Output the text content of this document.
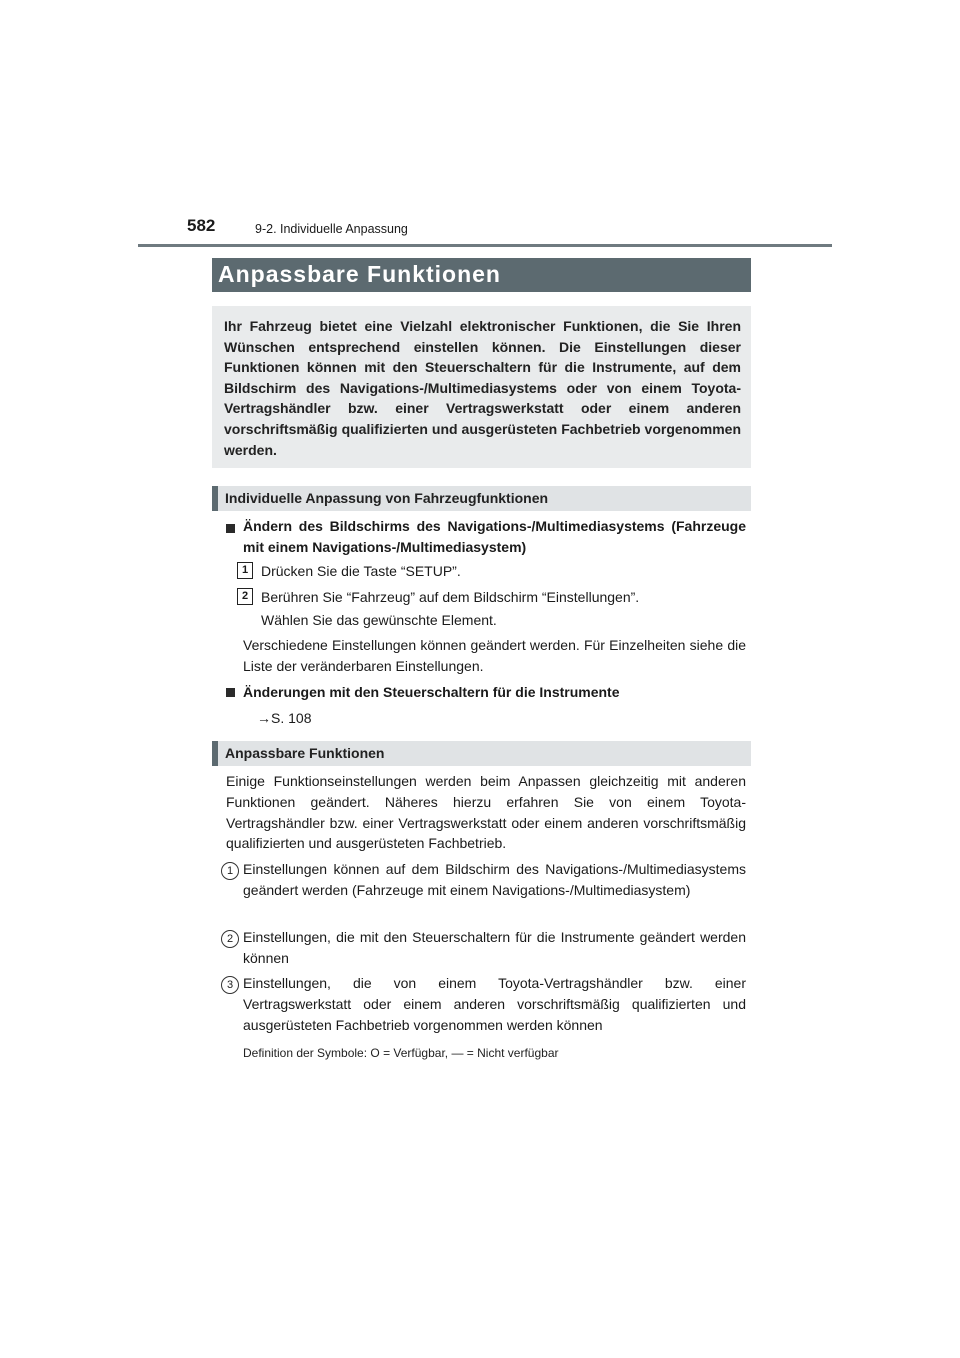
582	9-2. Individuelle Anpassung
Anpassbare Funktionen
Ihr Fahrzeug bietet eine Vielzahl elektronischer Funktionen, die Sie Ihren Wünschen entsprechend einstellen können. Die Einstellungen dieser Funktionen können mit den Steuerschaltern für die Instrumente, auf dem Bildschirm des Navigations-/Multimediasystems oder von einem Toyota-Vertragshändler bzw. einer Vertragswerkstatt oder einem anderen vorschriftsmäßig qualifizierten und ausgerüsteten Fachbetrieb vorgenommen werden.
Individuelle Anpassung von Fahrzeugfunktionen
Ändern des Bildschirms des Navigations-/Multimediasystems (Fahrzeuge mit einem Navigations-/Multimediasystem)
1 Drücken Sie die Taste “SETUP”.
2 Berühren Sie “Fahrzeug” auf dem Bildschirm “Einstellungen”.
Wählen Sie das gewünschte Element.
Verschiedene Einstellungen können geändert werden. Für Einzelheiten siehe die Liste der veränderbaren Einstellungen.
Änderungen mit den Steuerschaltern für die Instrumente
→S. 108
Anpassbare Funktionen
Einige Funktionseinstellungen werden beim Anpassen gleichzeitig mit anderen Funktionen geändert. Näheres hierzu erfahren Sie von einem Toyota-Vertragshändler bzw. einer Vertragswerkstatt oder einem anderen vorschriftsmäßig qualifizierten und ausgerüsteten Fachbetrieb.
1 Einstellungen können auf dem Bildschirm des Navigations-/Multimediasystems geändert werden (Fahrzeuge mit einem Navigations-/Multimediasystem)
2 Einstellungen, die mit den Steuerschaltern für die Instrumente geändert werden können
3 Einstellungen, die von einem Toyota-Vertragshändler bzw. einer Vertragswerkstatt oder einem anderen vorschriftsmäßig qualifizierten und ausgerüsteten Fachbetrieb vorgenommen werden können
Definition der Symbole: O = Verfügbar, — = Nicht verfügbar
